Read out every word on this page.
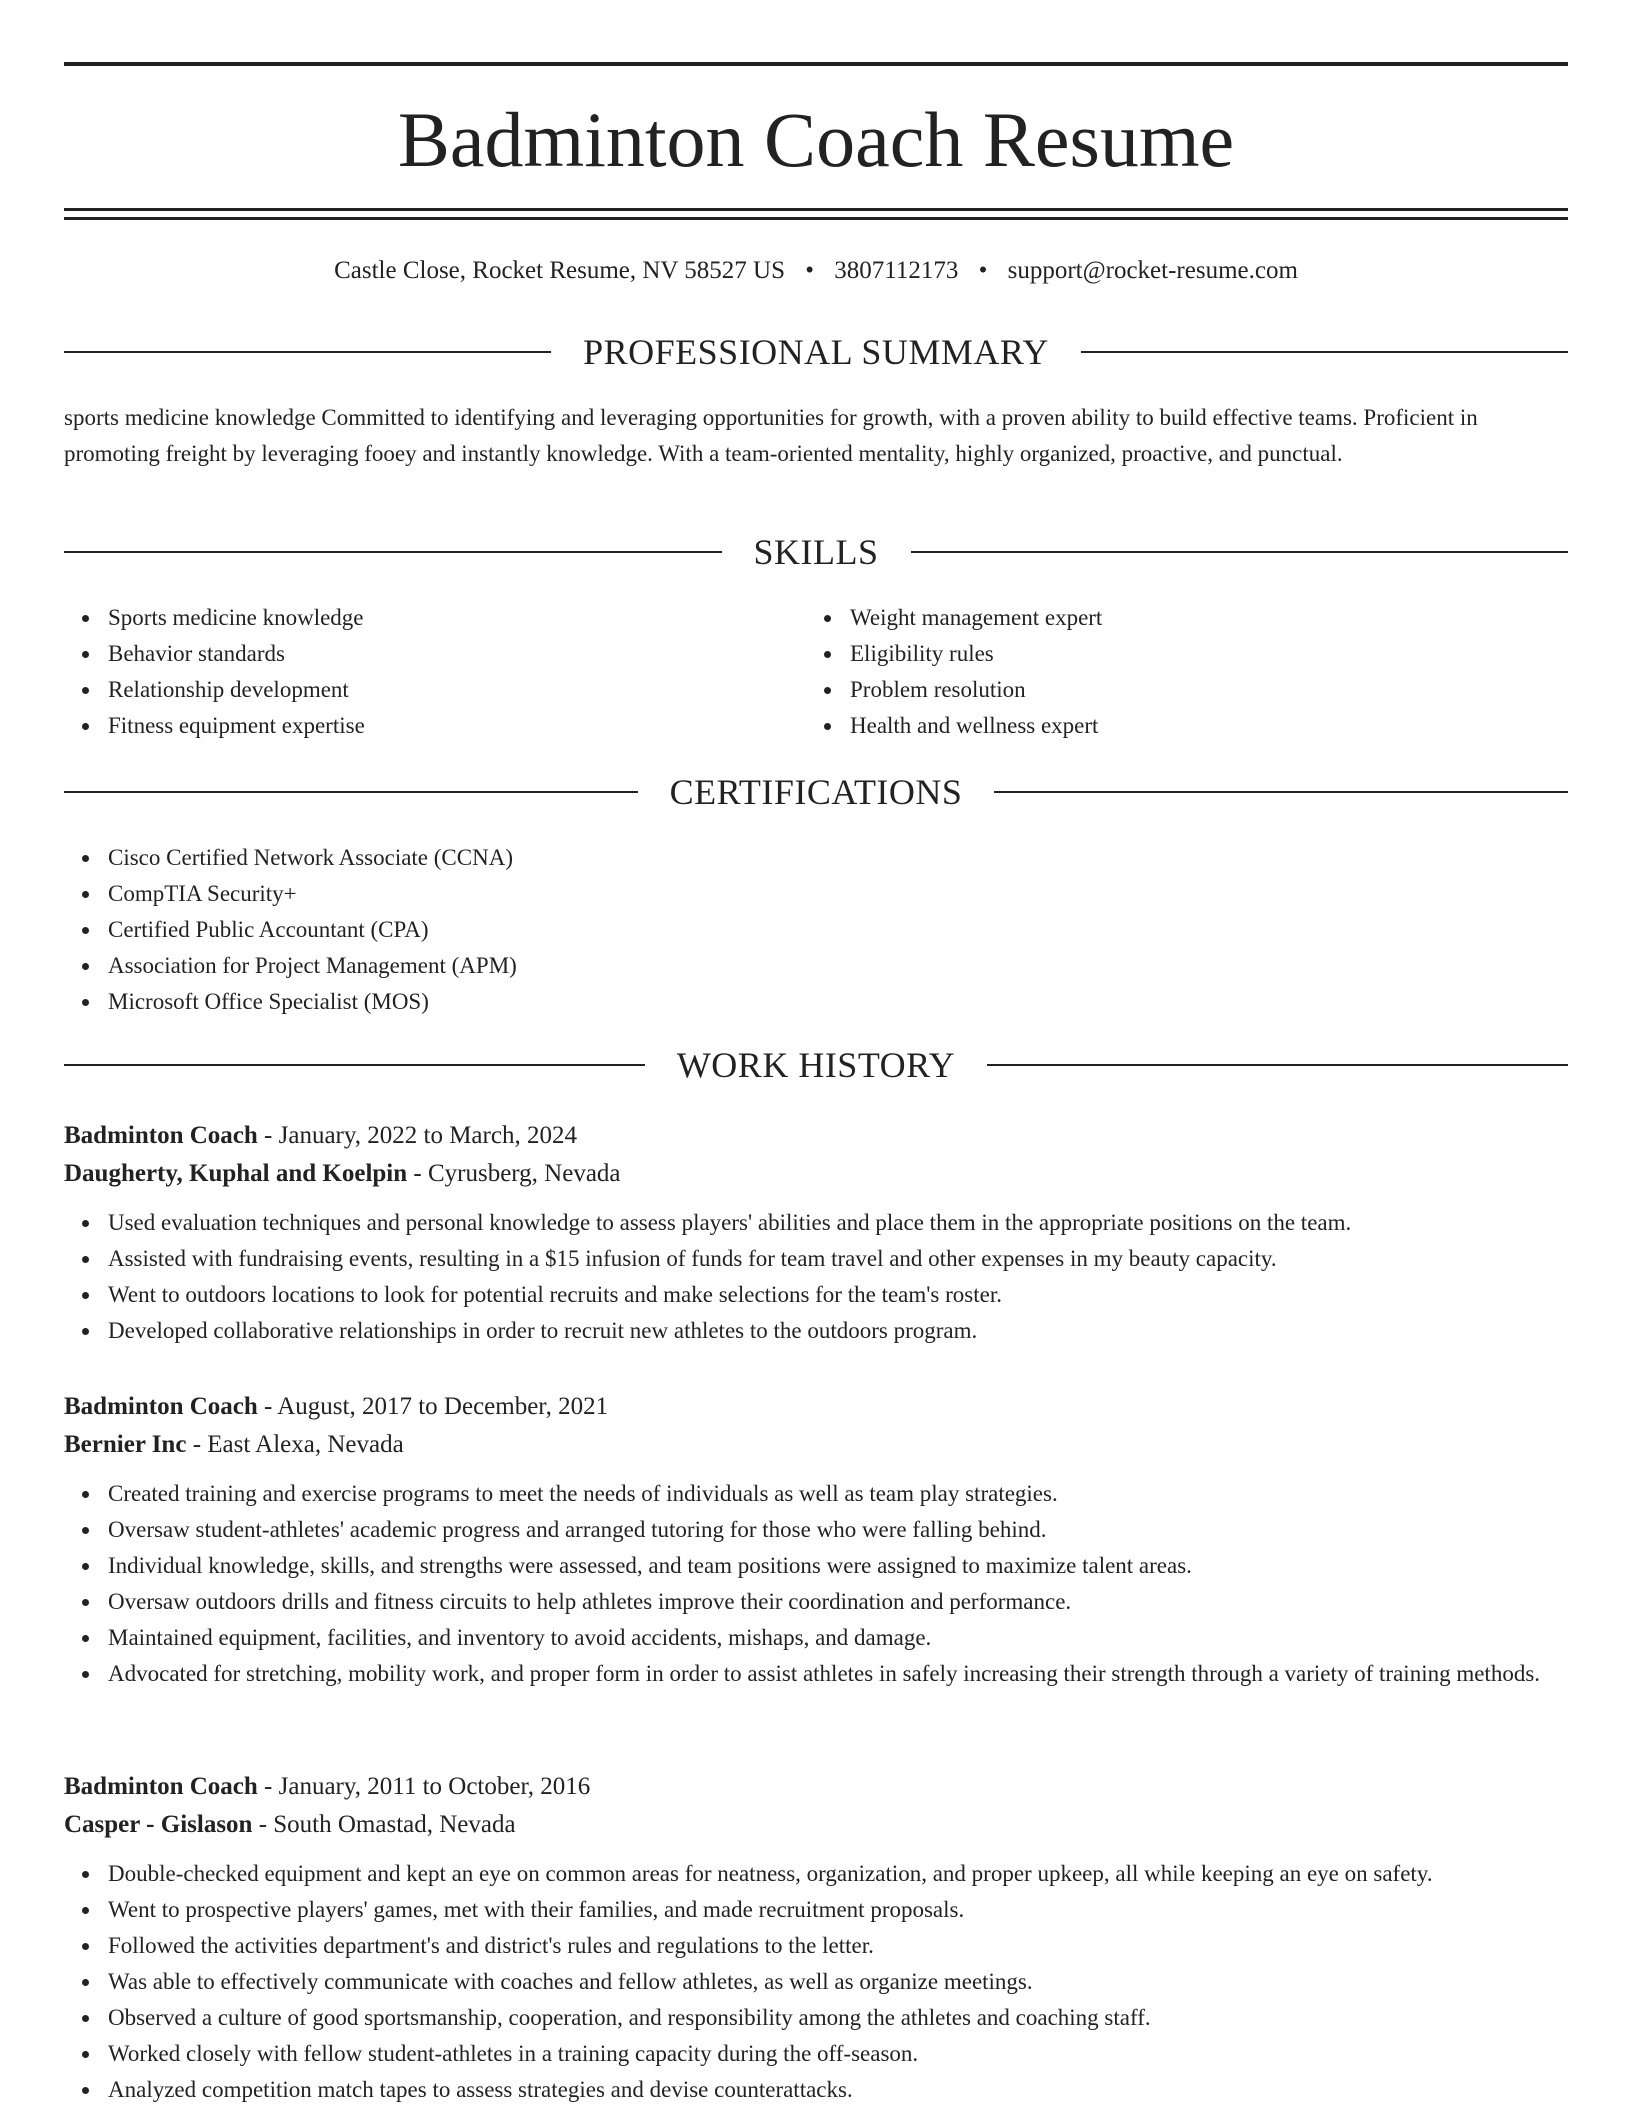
Badminton Coach Resume
Castle Close, Rocket Resume, NV 58527 US • 3807112173 • support@rocket-resume.com
PROFESSIONAL SUMMARY

sports medicine knowledge Committed to identifying and leveraging opportunities for growth, with a proven ability to build effective teams. Proficient in promoting freight by leveraging fooey and instantly knowledge. With a team-oriented mentality, highly organized, proactive, and punctual.

SKILLS
Sports medicine knowledge
Behavior standards
Relationship development
Fitness equipment expertise
Weight management expert
Eligibility rules
Problem resolution
Health and wellness expert
CERTIFICATIONS
Cisco Certified Network Associate (CCNA)
CompTIA Security+
Certified Public Accountant (CPA)
Association for Project Management (APM)
Microsoft Office Specialist (MOS)
WORK HISTORY
Badminton Coach - January, 2022 to March, 2024
Daugherty, Kuphal and Koelpin - Cyrusberg, Nevada
Used evaluation techniques and personal knowledge to assess players' abilities and place them in the appropriate positions on the team.
Assisted with fundraising events, resulting in a $15 infusion of funds for team travel and other expenses in my beauty capacity.
Went to outdoors locations to look for potential recruits and make selections for the team's roster.
Developed collaborative relationships in order to recruit new athletes to the outdoors program.
Badminton Coach - August, 2017 to December, 2021
Bernier Inc - East Alexa, Nevada
Created training and exercise programs to meet the needs of individuals as well as team play strategies.
Oversaw student-athletes' academic progress and arranged tutoring for those who were falling behind.
Individual knowledge, skills, and strengths were assessed, and team positions were assigned to maximize talent areas.
Oversaw outdoors drills and fitness circuits to help athletes improve their coordination and performance.
Maintained equipment, facilities, and inventory to avoid accidents, mishaps, and damage.
Advocated for stretching, mobility work, and proper form in order to assist athletes in safely increasing their strength through a variety of training methods.
Badminton Coach - January, 2011 to October, 2016
Casper - Gislason - South Omastad, Nevada
Double-checked equipment and kept an eye on common areas for neatness, organization, and proper upkeep, all while keeping an eye on safety.
Went to prospective players' games, met with their families, and made recruitment proposals.
Followed the activities department's and district's rules and regulations to the letter.
Was able to effectively communicate with coaches and fellow athletes, as well as organize meetings.
Observed a culture of good sportsmanship, cooperation, and responsibility among the athletes and coaching staff.
Worked closely with fellow student-athletes in a training capacity during the off-season.
Analyzed competition match tapes to assess strategies and devise counterattacks.
